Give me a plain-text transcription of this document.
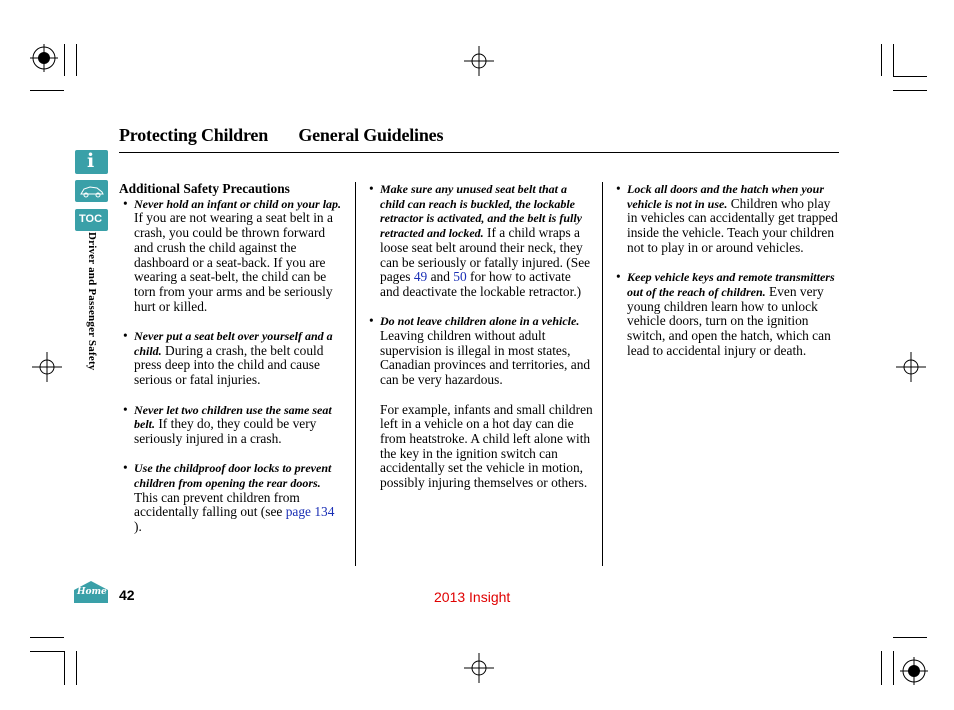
Protecting Children General Guidelines
i
TOC
Driver and Passenger Safety
Additional Safety Precautions
• Never hold an infant or child on your lap. If you are not wearing a seat belt in a crash, you could be thrown forward and crush the child against the dashboard or a seat-back. If you are wearing a seat-belt, the child can be torn from your arms and be seriously hurt or killed.
• Never put a seat belt over yourself and a child. During a crash, the belt could press deep into the child and cause serious or fatal injuries.
• Never let two children use the same seat belt. If they do, they could be very seriously injured in a crash.
• Use the childproof door locks to prevent children from opening the rear doors. This can prevent children from accidentally falling out (see page 134 ).
• Make sure any unused seat belt that a child can reach is buckled, the lockable retractor is activated, and the belt is fully retracted and locked. If a child wraps a loose seat belt around their neck, they can be seriously or fatally injured. (See pages 49 and 50 for how to activate and deactivate the lockable retractor.)
• Do not leave children alone in a vehicle. Leaving children without adult supervision is illegal in most states, Canadian provinces and territories, and can be very hazardous.

For example, infants and small children left in a vehicle on a hot day can die from heatstroke. A child left alone with the key in the ignition switch can accidentally set the vehicle in motion, possibly injuring themselves or others.

• Lock all doors and the hatch when your vehicle is not in use. Children who play in vehicles can accidentally get trapped inside the vehicle. Teach your children not to play in or around vehicles.
• Keep vehicle keys and remote transmitters out of the reach of children. Even very young children learn how to unlock vehicle doors, turn on the ignition switch, and open the hatch, which can lead to accidental injury or death.
Home 42	2013 Insight
